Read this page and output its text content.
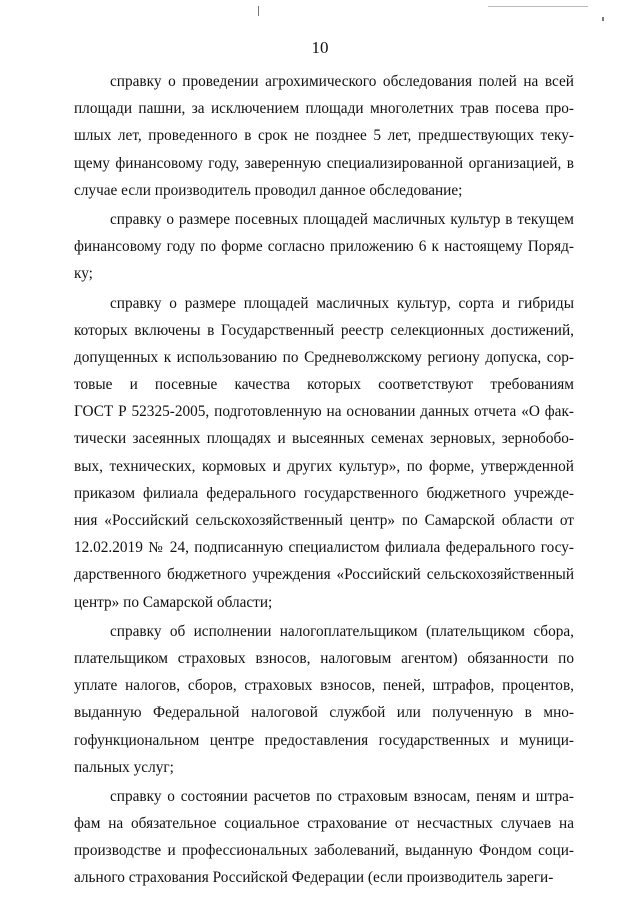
10
справку о проведении агрохимического обследования полей на всей
площади пашни, за исключением площади многолетних трав посева про-
шлых лет, проведенного в срок не позднее 5 лет, предшествующих теку-
щему финансовому году, заверенную специализированной организацией, в
случае если производитель проводил данное обследование;
справку о размере посевных площадей масличных культур в текущем
финансовому году по форме согласно приложению 6 к настоящему Поряд-
ку;
справку о размере площадей масличных культур, сорта и гибриды
которых включены в Государственный реестр селекционных достижений,
допущенных к использованию по Средневолжскому региону допуска, сор-
товые и посевные качества которых соответствуют требованиям
ГОСТ Р 52325-2005, подготовленную на основании данных отчета «О фак-
тически засеянных площадях и высеянных семенах зерновых, зернобобо-
вых, технических, кормовых и других культур», по форме, утвержденной
приказом филиала федерального государственного бюджетного учрежде-
ния «Российский сельскохозяйственный центр» по Самарской области от
12.02.2019 № 24, подписанную специалистом филиала федерального госу-
дарственного бюджетного учреждения «Российский сельскохозяйственный
центр» по Самарской области;
справку об исполнении налогоплательщиком (плательщиком сбора,
плательщиком страховых взносов, налоговым агентом) обязанности по
уплате налогов, сборов, страховых взносов, пеней, штрафов, процентов,
выданную Федеральной налоговой службой или полученную в мно-
гофункциональном центре предоставления государственных и муници-
пальных услуг;
справку о состоянии расчетов по страховым взносам, пеням и штра-
фам на обязательное социальное страхование от несчастных случаев на
производстве и профессиональных заболеваний, выданную Фондом соци-
ального страхования Российской Федерации (если производитель зареги-
